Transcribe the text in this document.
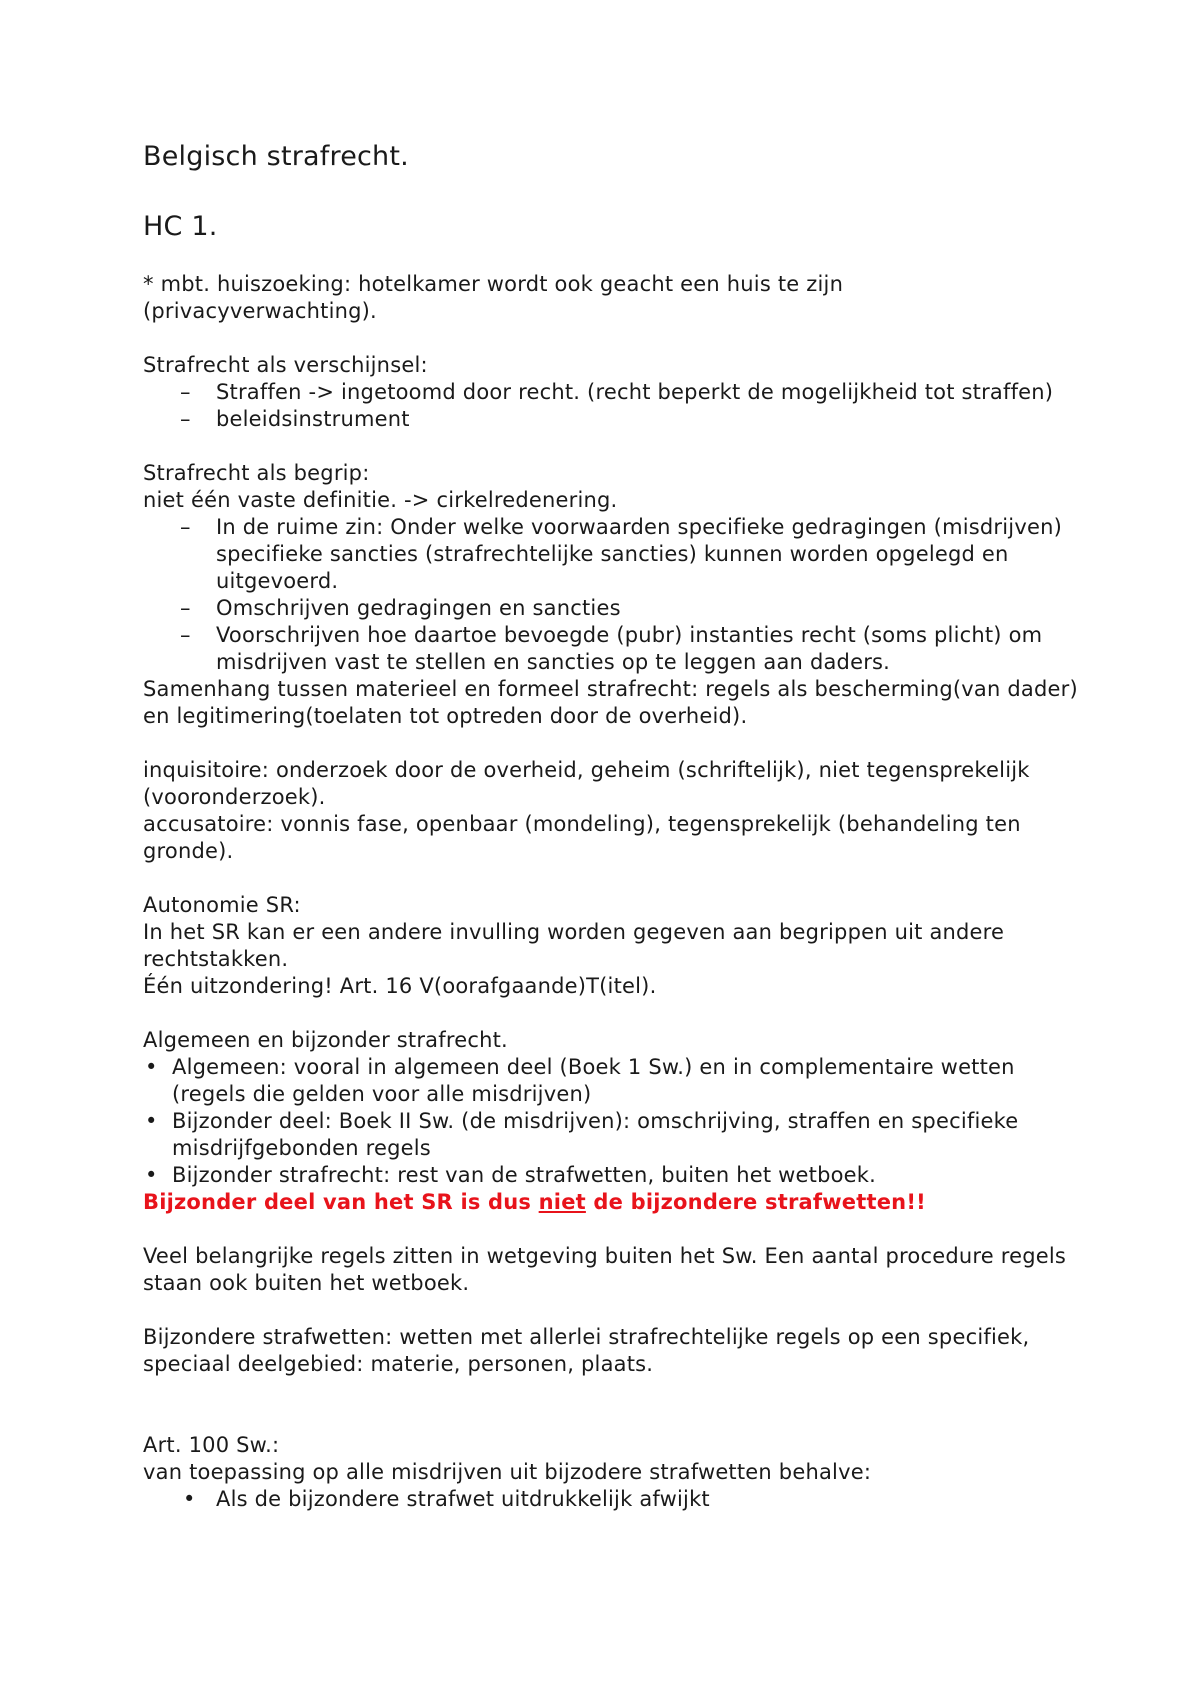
Belgisch strafrecht.
HC 1.

* mbt. huiszoeking: hotelkamer wordt ook geacht een huis te zijn (privacyverwachting).

Strafrecht als verschijnsel:

– Straffen -> ingetoomd door recht. (recht beperkt de mogelijkheid tot straffen)
– beleidsinstrument

Strafrecht als begrip:

niet één vaste definitie. -> cirkelredenering.

– In de ruime zin: Onder welke voorwaarden specifieke gedragingen (misdrijven) specifieke sancties (strafrechtelijke sancties) kunnen worden opgelegd en uitgevoerd.
– Omschrijven gedragingen en sancties
– Voorschrijven hoe daartoe bevoegde (pubr) instanties recht (soms plicht) om misdrijven vast te stellen en sancties op te leggen aan daders.

Samenhang tussen materieel en formeel strafrecht: regels als bescherming(van dader) en legitimering(toelaten tot optreden door de overheid).

inquisitoire: onderzoek door de overheid, geheim (schriftelijk), niet tegensprekelijk (vooronderzoek).

accusatoire: vonnis fase, openbaar (mondeling), tegensprekelijk (behandeling ten gronde).

Autonomie SR:

In het SR kan er een andere invulling worden gegeven aan begrippen uit andere rechtstakken.

Één uitzondering! Art. 16 V(oorafgaande)T(itel).

Algemeen en bijzonder strafrecht.

• Algemeen: vooral in algemeen deel (Boek 1 Sw.) en in complementaire wetten (regels die gelden voor alle misdrijven)
• Bijzonder deel: Boek II Sw. (de misdrijven): omschrijving, straffen en specifieke misdrijfgebonden regels
• Bijzonder strafrecht: rest van de strafwetten, buiten het wetboek.

Bijzonder deel van het SR is dus niet de bijzondere strafwetten!!

Veel belangrijke regels zitten in wetgeving buiten het Sw. Een aantal procedure regels staan ook buiten het wetboek.

Bijzondere strafwetten: wetten met allerlei strafrechtelijke regels op een specifiek, speciaal deelgebied: materie, personen, plaats.

Art. 100 Sw.:

van toepassing op alle misdrijven uit bijzodere strafwetten behalve:

• Als de bijzondere strafwet uitdrukkelijk afwijkt
